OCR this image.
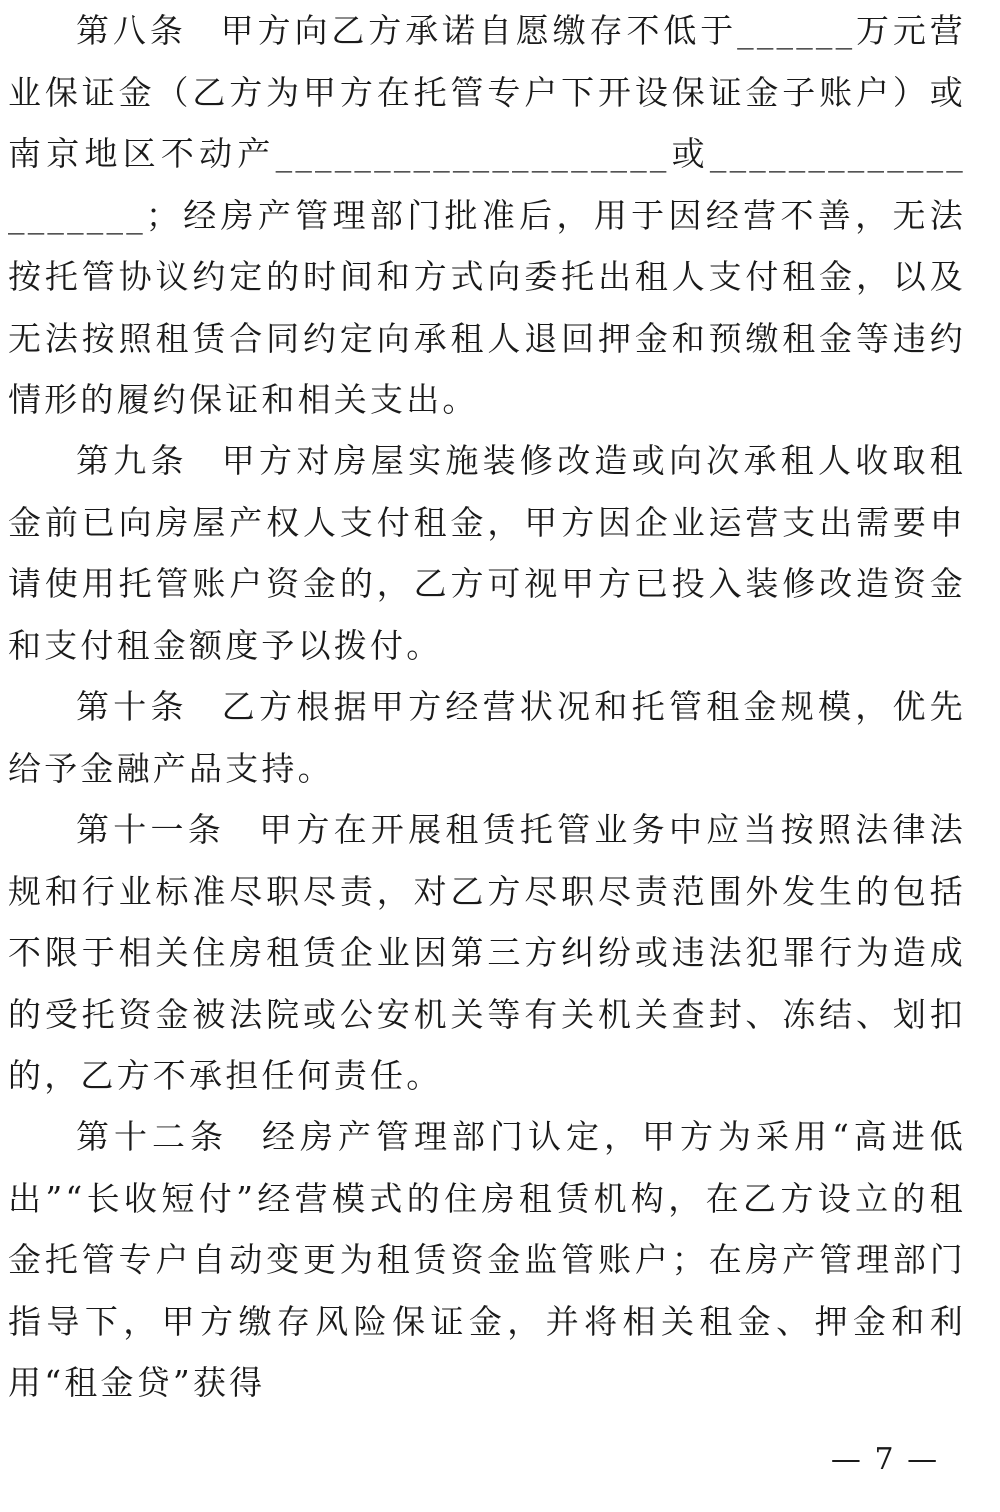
第八条 甲方向乙方承诺自愿缴存不低于______万元营业保证金（乙方为甲方在托管专户下开设保证金子账户）或南京地区不动产____________________或____________________；经房产管理部门批准后，用于因经营不善，无法按托管协议约定的时间和方式向委托出租人支付租金，以及无法按照租赁合同约定向承租人退回押金和预缴租金等违约情形的履约保证和相关支出。

第九条 甲方对房屋实施装修改造或向次承租人收取租金前已向房屋产权人支付租金，甲方因企业运营支出需要申请使用托管账户资金的，乙方可视甲方已投入装修改造资金和支付租金额度予以拨付。

第十条 乙方根据甲方经营状况和托管租金规模，优先给予金融产品支持。

第十一条 甲方在开展租赁托管业务中应当按照法律法规和行业标准尽职尽责，对乙方尽职尽责范围外发生的包括不限于相关住房租赁企业因第三方纠纷或违法犯罪行为造成的受托资金被法院或公安机关等有关机关查封、冻结、划扣的，乙方不承担任何责任。

第十二条 经房产管理部门认定，甲方为采用“高进低出”“长收短付”经营模式的住房租赁机构，在乙方设立的租金托管专户自动变更为租赁资金监管账户；在房产管理部门指导下，甲方缴存风险保证金，并将相关租金、押金和利用“租金贷”获得

— 7 —
